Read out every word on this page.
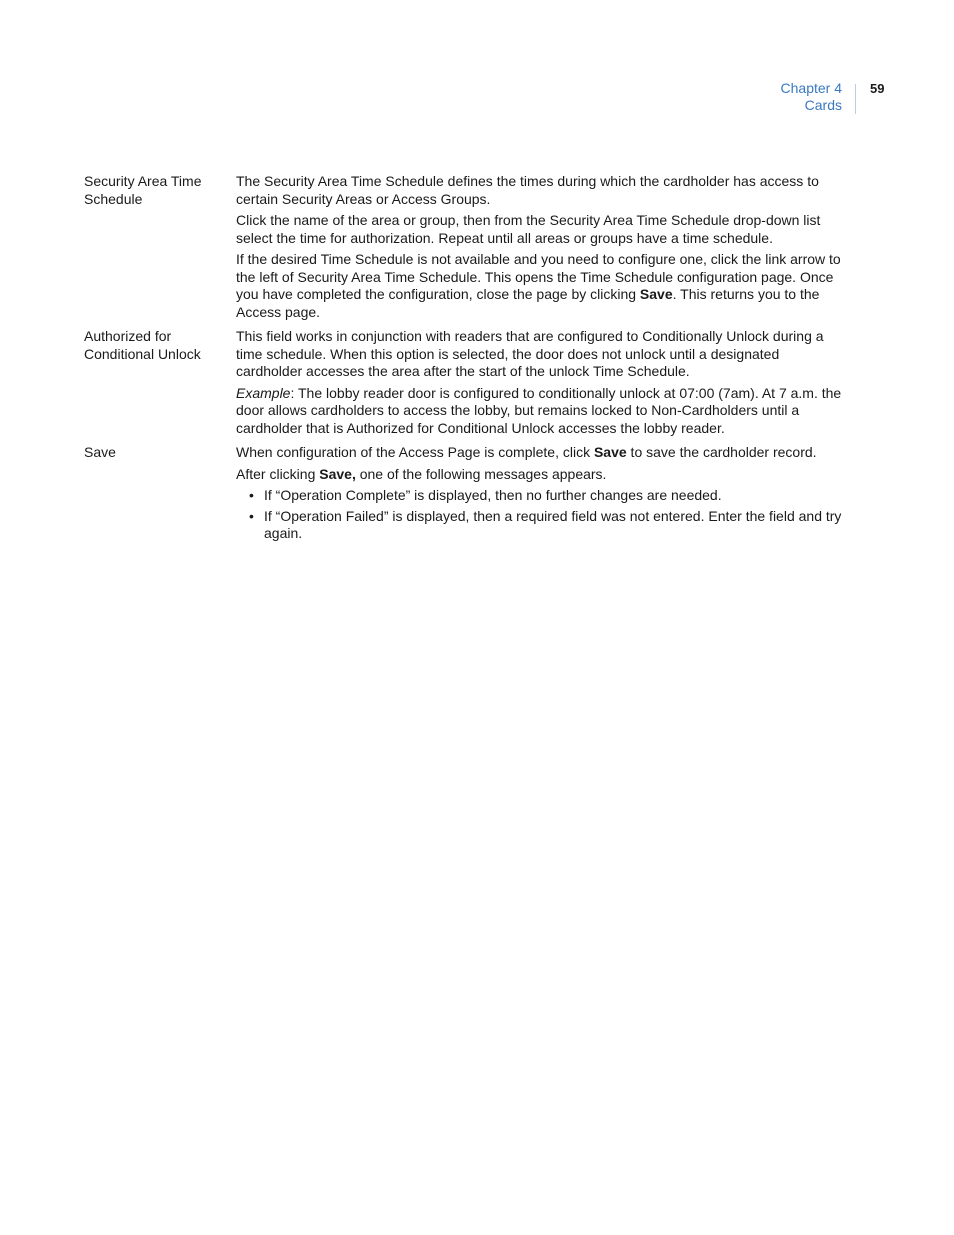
Chapter 4
Cards
59
Security Area Time Schedule

The Security Area Time Schedule defines the times during which the cardholder has access to certain Security Areas or Access Groups.

Click the name of the area or group, then from the Security Area Time Schedule drop-down list select the time for authorization. Repeat until all areas or groups have a time schedule.

If the desired Time Schedule is not available and you need to configure one, click the link arrow to the left of Security Area Time Schedule. This opens the Time Schedule configuration page. Once you have completed the configuration, close the page by clicking Save. This returns you to the Access page.

Authorized for Conditional Unlock

This field works in conjunction with readers that are configured to Conditionally Unlock during a time schedule. When this option is selected, the door does not unlock until a designated cardholder accesses the area after the start of the unlock Time Schedule.

Example: The lobby reader door is configured to conditionally unlock at 07:00 (7am). At 7 a.m. the door allows cardholders to access the lobby, but remains locked to Non-Cardholders until a cardholder that is Authorized for Conditional Unlock accesses the lobby reader.

Save	When configuration of the Access Page is complete, click Save to save the cardholder record.

After clicking Save, one of the following messages appears.

• If “Operation Complete” is displayed, then no further changes are needed.
• If “Operation Failed” is displayed, then a required field was not entered. Enter the field and try again.
